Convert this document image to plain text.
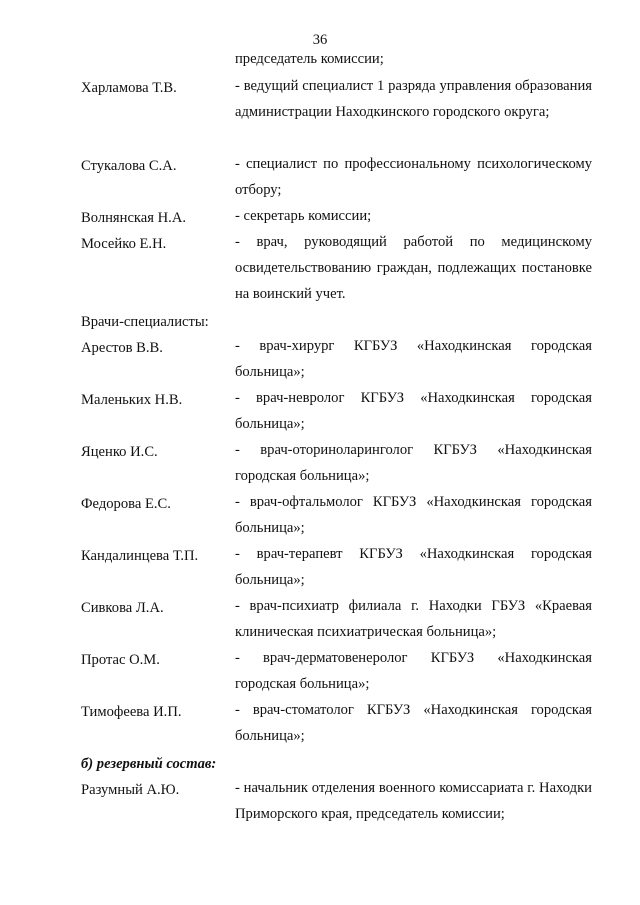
36
председатель комиссии;
Харламова Т.В.	- ведущий специалист 1 разряда управления образования администрации Находкинского городского округа;
Стукалова С.А.	- специалист по профессиональному психологическому отбору;
Волнянская Н.А.	- секретарь комиссии;
Мосейко Е.Н.	- врач, руководящий работой по медицинскому освидетельствованию граждан, подлежащих постановке на воинский учет.
Врачи-специалисты:
Арестов В.В.	- врач-хирург КГБУЗ «Находкинская городская больница»;
Маленьких Н.В.	- врач-невролог КГБУЗ «Находкинская городская больница»;
Яценко И.С.	- врач-оториноларинголог КГБУЗ «Находкинская городская больница»;
Федорова Е.С.	- врач-офтальмолог КГБУЗ «Находкинская городская больница»;
Кандалинцева Т.П.	- врач-терапевт КГБУЗ «Находкинская городская больница»;
Сивкова Л.А.	- врач-психиатр филиала г. Находки ГБУЗ «Краевая клиническая психиатрическая больница»;
Протас О.М.	- врач-дерматовенеролог КГБУЗ «Находкинская городская больница»;
Тимофеева И.П.	- врач-стоматолог КГБУЗ «Находкинская городская больница»;
б) резервный состав:
Разумный А.Ю.	- начальник отделения военного комиссариата г. Находки Приморского края, председатель комиссии;
